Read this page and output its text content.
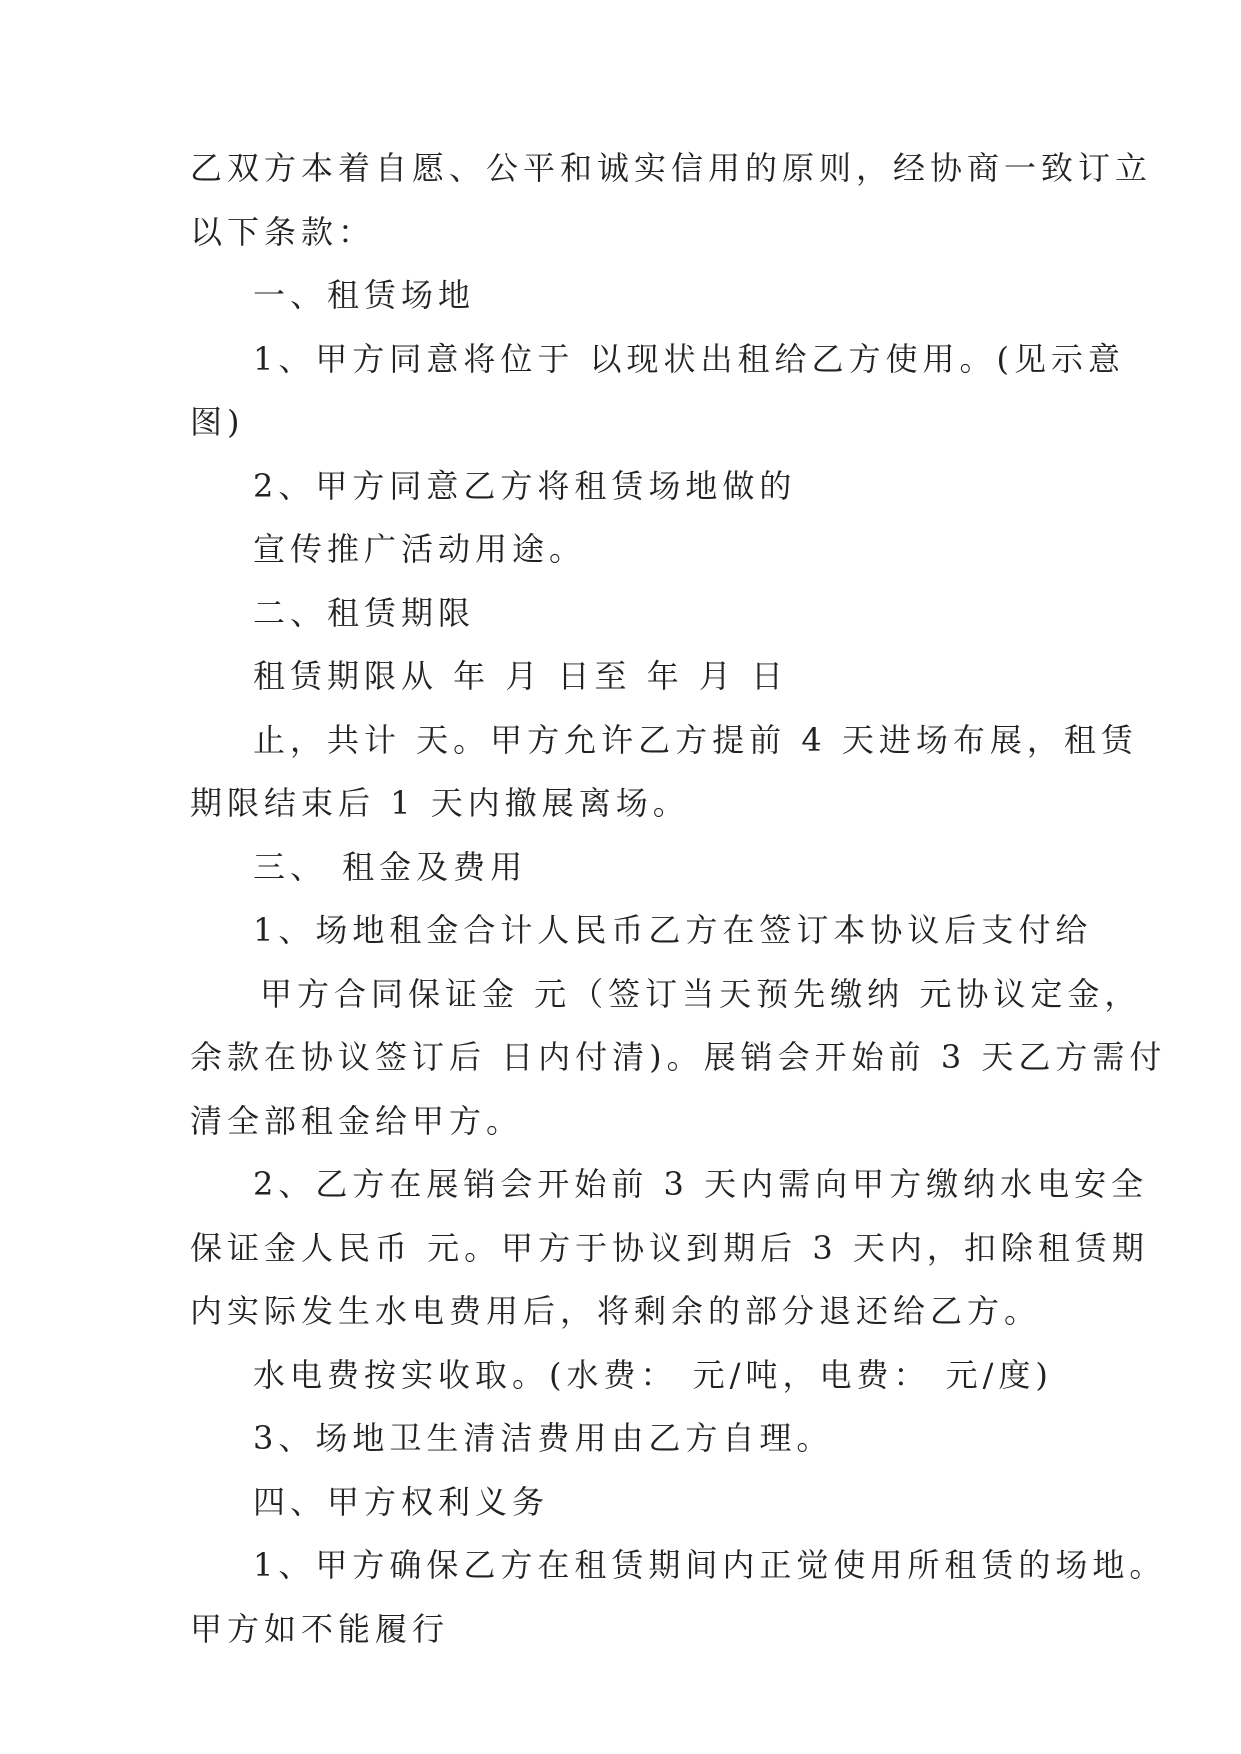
乙双方本着自愿、公平和诚实信用的原则，经协商一致订立
以下条款：
一、租赁场地
1、甲方同意将位于 以现状出租给乙方使用。(见示意
图)
2、甲方同意乙方将租赁场地做的
宣传推广活动用途。
二、租赁期限
租赁期限从 年 月 日至 年 月 日
止，共计 天。甲方允许乙方提前 4 天进场布展，租赁
期限结束后 1 天内撤展离场。
三、 租金及费用
1、场地租金合计人民币乙方在签订本协议后支付给
甲方合同保证金 元（签订当天预先缴纳 元协议定金，
余款在协议签订后 日内付清)。展销会开始前 3 天乙方需付
清全部租金给甲方。
2、乙方在展销会开始前 3 天内需向甲方缴纳水电安全
保证金人民币 元。甲方于协议到期后 3 天内，扣除租赁期
内实际发生水电费用后，将剩余的部分退还给乙方。
水电费按实收取。(水费： 元/吨，电费： 元/度)
3、场地卫生清洁费用由乙方自理。
四、甲方权利义务
1、甲方确保乙方在租赁期间内正觉使用所租赁的场地。
甲方如不能履行
